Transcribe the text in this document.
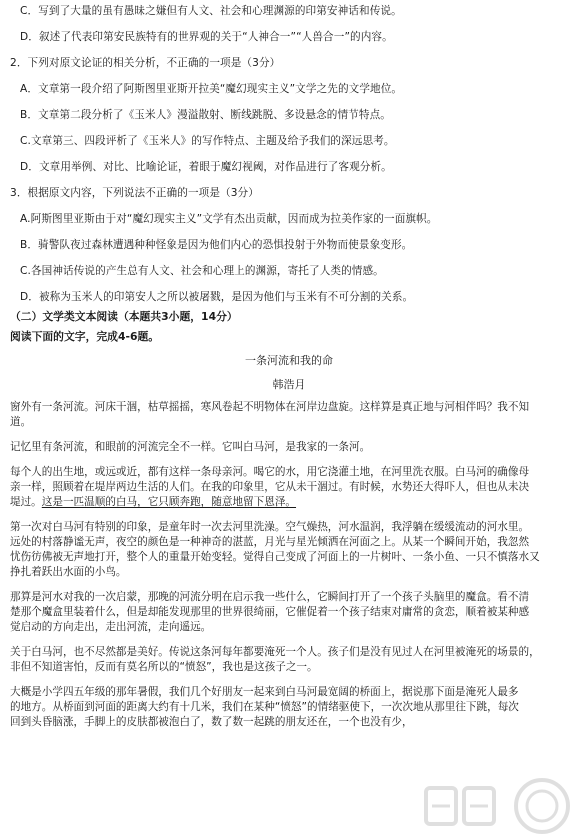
C．写到了大量的虽有愚昧之嫌但有人文、社会和心理渊源的印第安神话和传说。
D．叙述了代表印第安民族特有的世界观的关于“人神合一”“人兽合一”的内容。
2．下列对原文论证的相关分析，不正确的一项是（3分）
A．文章第一段介绍了阿斯图里亚斯开拉美“魔幻现实主义”文学之先的文学地位。
B．文章第二段分析了《玉米人》漫溢散射、断线跳脱、多设悬念的情节特点。
C.文章第三、四段评析了《玉米人》的写作特点、主题及给予我们的深远思考。
D．文章用举例、对比、比喻论证，着眼于魔幻视阈，对作品进行了客观分析。
3．根据原文内容，下列说法不正确的一项是（3分）
A.阿斯图里亚斯由于对“魔幻现实主义”文学有杰出贡献，因而成为拉美作家的一面旗帜。
B．骑警队夜过森林遭遇种种怪象是因为他们内心的恐惧投射于外物而使景象变形。
C.各国神话传说的产生总有人文、社会和心理上的渊源，寄托了人类的情感。
D．被称为玉米人的印第安人之所以被屠戮，是因为他们与玉米有不可分割的关系。
（二）文学类文本阅读（本题共3小题，14分）
阅读下面的文字，完成4-6题。
一条河流和我的命
韩浩月
窗外有一条河流。河床干涸，枯草摇摇，寒风卷起不明物体在河岸边盘旋。这样算是真正地与河相伴吗？我不知
道。
记忆里有条河流，和眼前的河流完全不一样。它叫白马河，是我家的一条河。
每个人的出生地，或远或近，都有这样一条母亲河。喝它的水，用它浇灌土地，在河里洗衣服。白马河的确像母
亲一样，照顾着在堤岸两边生活的人们。在我的印象里，它从未干涸过。有时候，水势还大得吓人，但也从未决
堤过。这是一匹温顺的白马，它只顾奔跑，随意地留下恩泽。
第一次对白马河有特别的印象，是童年时一次去河里洗澡。空气燥热，河水温润，我浮躺在缓缓流动的河水里。
远处的村落静谧无声，夜空的颜色是一种神奇的湛蓝，月光与星光倾洒在河面之上。从某一个瞬间开始，我忽然
忧伤彷佛被无声地打开，整个人的重量开始变轻。觉得自己变成了河面上的一片树叶、一条小鱼、一只不慎落水又
挣扎着跃出水面的小鸟。
那算是河水对我的一次启蒙，那晚的河流分明在启示我一些什么，它瞬间打开了一个孩子头脑里的魔盒。看不清
楚那个魔盒里装着什么，但是却能发现那里的世界很绮丽，它催促着一个孩子结束对庸常的贪恋，顺着被某种感
觉启动的方向走出，走出河流，走向遥远。
关于白马河，也不尽然都是美好。传说这条河每年都要淹死一个人。孩子们是没有见过人在河里被淹死的场景的，
非但不知道害怕，反而有莫名所以的“愤怒”，我也是这孩子之一。
大概是小学四五年级的那年暑假，我们几个好朋友一起来到白马河最宽阔的桥面上，据说那下面是淹死人最多
的地方。从桥面到河面的距离大约有十几米，我们在某种“愤怒”的情绪驱使下，一次次地从那里往下跳，每次
回到头昏脑涨，手脚上的皮肤都被泡白了，数了数一起跳的朋友还在，一个也没有少，
